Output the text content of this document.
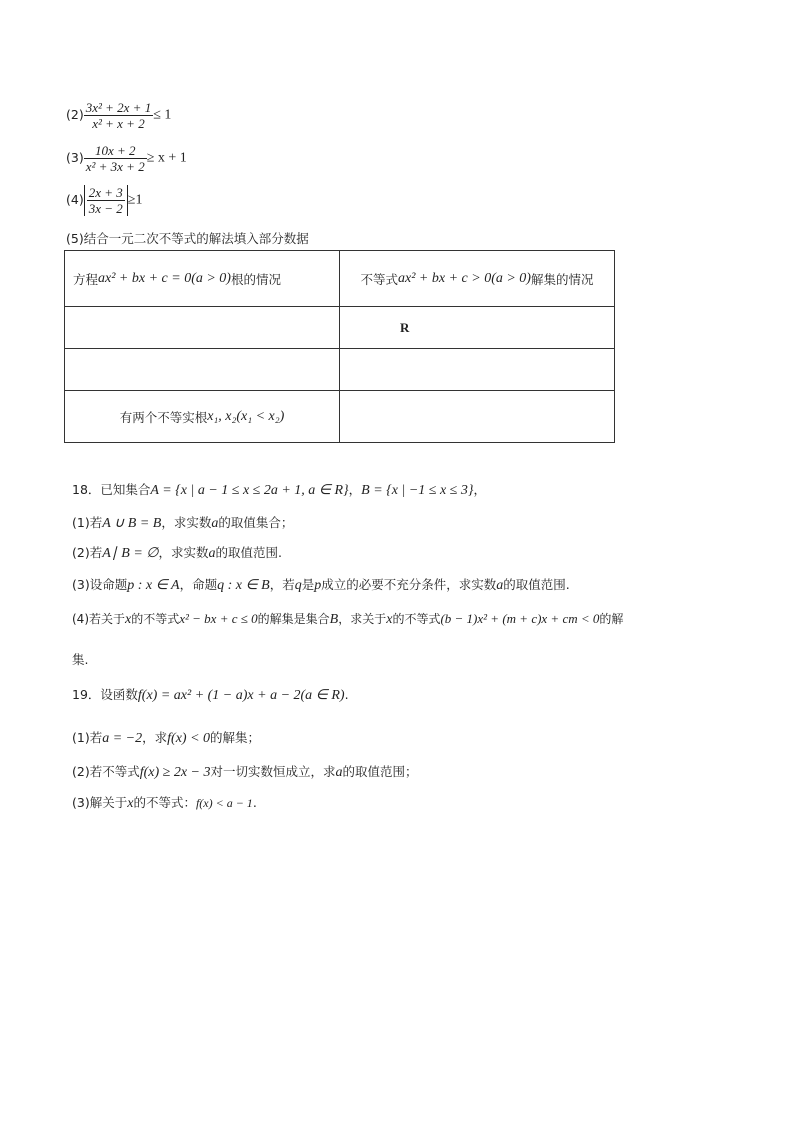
$(2) \frac{\text{3x² + 2x + 1}}{\text{x² + x + 2}} \le 1$
$(3) \frac{10x + 2}{\text{x² + 3x + 2}} \ge x + 1$
$(4) \frac{2x + 3}{3x - 2} \ge 1$
(5)结合一元二次不等式的解法填入部分数据
方程 ax² + bx + c = 0(a > 0) 根的情况	不等式 ax² + bx + c > 0(a > 0) 解集的情况

	R

有两个不等实根 x₁, x₂(x₁ < x₂)	

18．已知集合A = {x | a − 1 ≤ x ≤ 2a + 1, a ∈ R}，B = {x | −1 ≤ x ≤ 3}，
(1)若A ∪ B = B，求实数a的取值集合；
(2)若A∣ B = ∅，求实数a的取值范围.
(3)设命题p : x ∈ A，命题q : x ∈ B，若q是p成立的必要不充分条件，求实数a的取值范围.
(4)若关于x的不等式x² − bx + c ≤ 0的解集是集合B，求关于x的不等式(b − 1)x² + (m + c)x + cm < 0的解
集.
19．设函数f(x) = ax² + (1 − a)x + a − 2(a ∈ R).
(1)若a = −2，求f(x) < 0的解集；
(2)若不等式f(x) ≥ 2x − 3对一切实数恒成立，求a的取值范围；
(3)解关于x的不等式：f(x) < a − 1.
